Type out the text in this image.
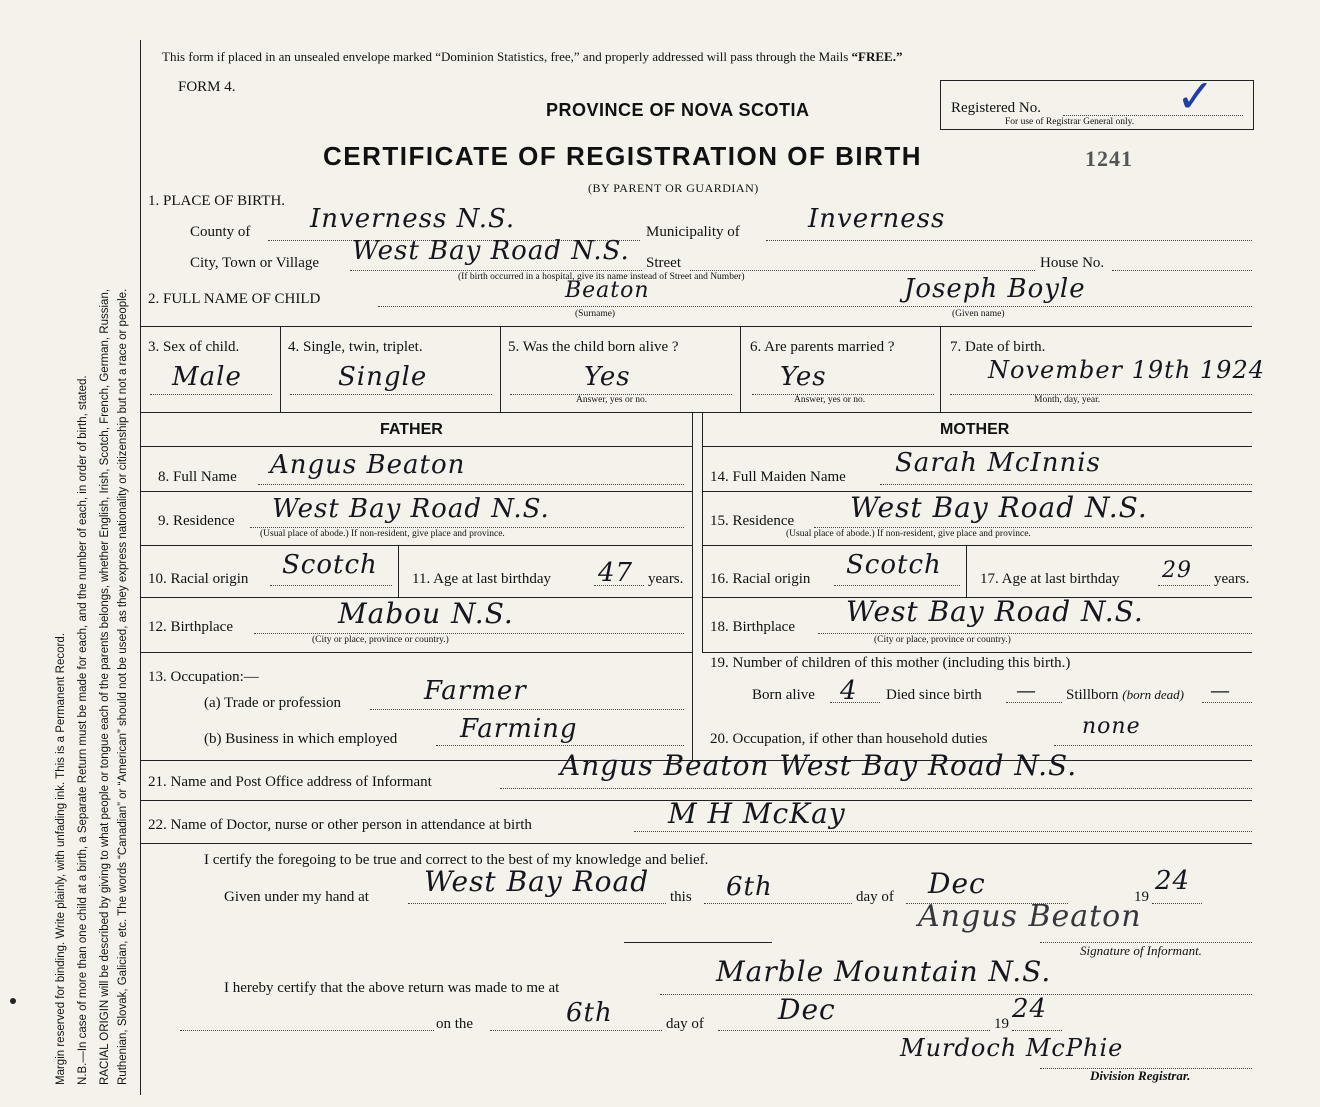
Margin reserved for binding. Write plainly, with unfading ink. This is a Permanent Record. N.B.—In case of more than one child at a birth, a Separate Return must be made for each, and the number of each, in order of birth, stated. RACIAL ORIGIN will be described by giving to what people or tongue each of the parents belongs, whether English, Irish, Scotch, French, German, Russian, Ruthenian, Slovak, Galician, etc. The words “Canadian” or “American” should not be used, as they express nationality or citizenship but not a race or people.
This form if placed in an unsealed envelope marked “Dominion Statistics, free,” and properly addressed will pass through the Mails “FREE.”
FORM 4.
PROVINCE OF NOVA SCOTIA	Registered No.
For use of Registrar General only. ✓
CERTIFICATE OF REGISTRATION OF BIRTH	1241
(BY PARENT OR GUARDIAN)
1. PLACE OF BIRTH.
County of Inverness N.S.	Municipality of	Inverness
City, Town or Village West Bay Road N.S. Street	House No.
(If birth occurred in a hospital, give its name instead of Street and Number)
2. FULL NAME OF CHILD	Beaton
(Surname)
Joseph Boyle
(Given name)
3. Sex of child.
Male
4. Single, twin, triplet.
Single
5. Was the child born alive ?
Yes
Answer, yes or no.
6. Are parents married ?
Yes
Answer, yes or no.
7. Date of birth.
November 19th 1924
Month, day, year.
FATHER
8. Full Name Angus Beaton
9. Residence West Bay Road N.S.
(Usual place of abode.) If non-resident, give place and province.
10. Racial origin Scotch 11. Age at last birthday 47 years.
12. Birthplace	Mabou N.S.
(City or place, province or country.)
13. Occupation:—
(a) Trade or profession	Farmer
(b) Business in which employed Farming
MOTHER
14. Full Maiden Name Sarah McInnis
15. Residence West Bay Road N.S.
(Usual place of abode.) If non-resident, give place and province.
16. Racial origin Scotch	17. Age at last birthday 29 years.
18. Birthplace West Bay Road N.S.
(City or place, province or country.)
19. Number of children of this mother (including this birth.)
Born alive 4 Died since birth — Stillborn (born dead) —
20. Occupation, if other than household duties	none
21. Name and Post Office address of Informant	Angus Beaton West Bay Road N.S.
22. Name of Doctor, nurse or other person in attendance at birth	M H McKay
I certify the foregoing to be true and correct to the best of my knowledge and belief.
Given under my hand at West Bay Road this 6th	day of Dec	19
24
Angus Beaton
Signature of Informant.
I hereby certify that the above return was made to me at	Marble Mountain N.S.
on the	6th	day of	Dec	19 24
Murdoch McPhie
Division Registrar.
